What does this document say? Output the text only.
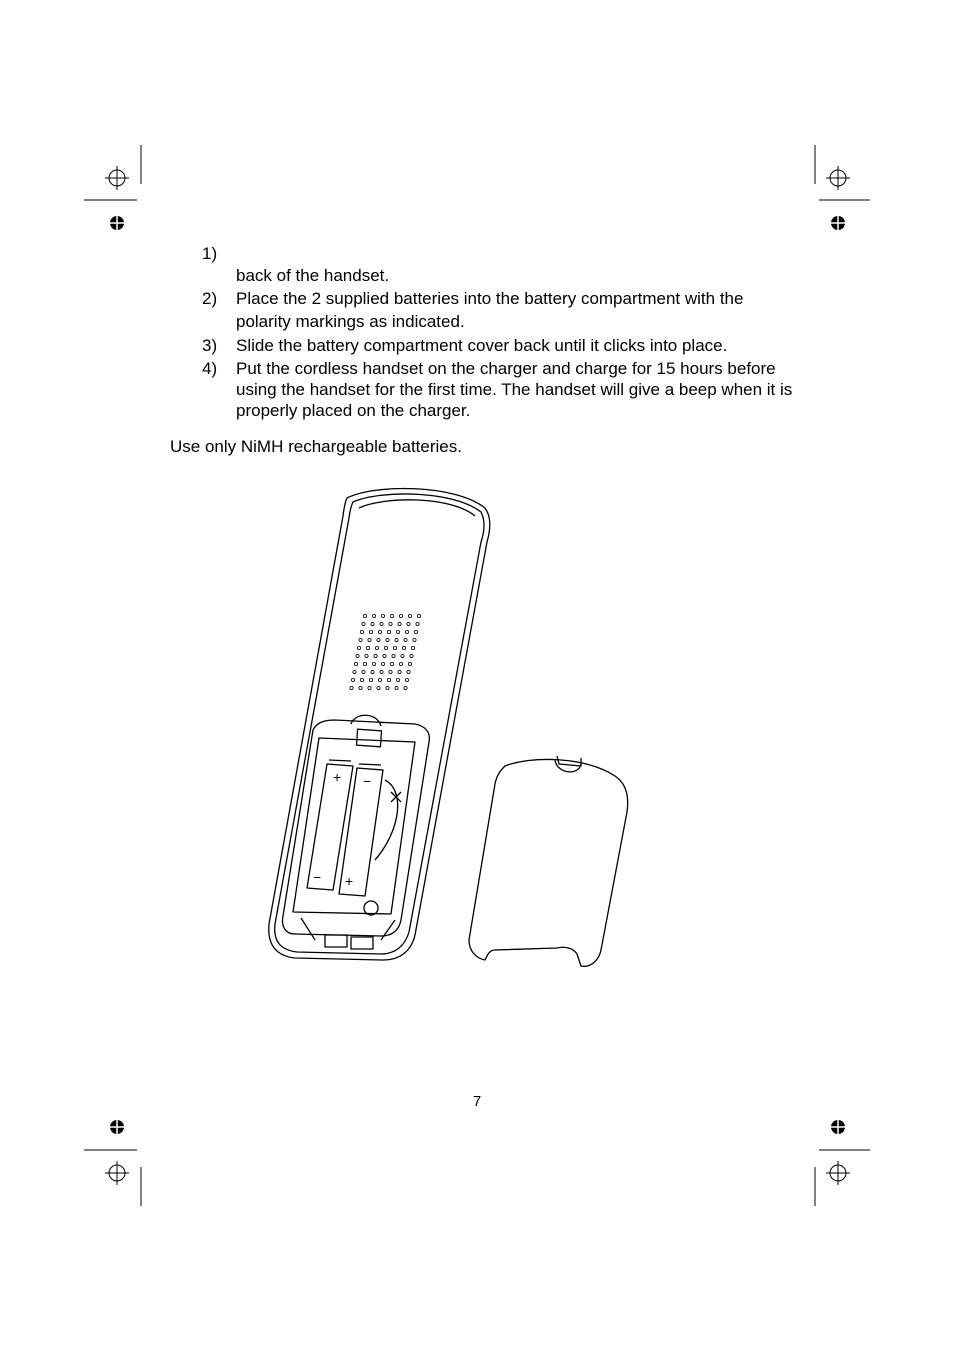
1)
back of the handset.
2) Place the 2 supplied batteries into the battery compartment with the polarity markings as indicated.
3) Slide the battery compartment cover back until it clicks into place.
4) Put the cordless handset on the charger and charge for 15 hours before using the handset for the first time. The handset will give a beep when it is properly placed on the charger.

Use only NiMH rechargeable batteries.

+ −
− +
7
